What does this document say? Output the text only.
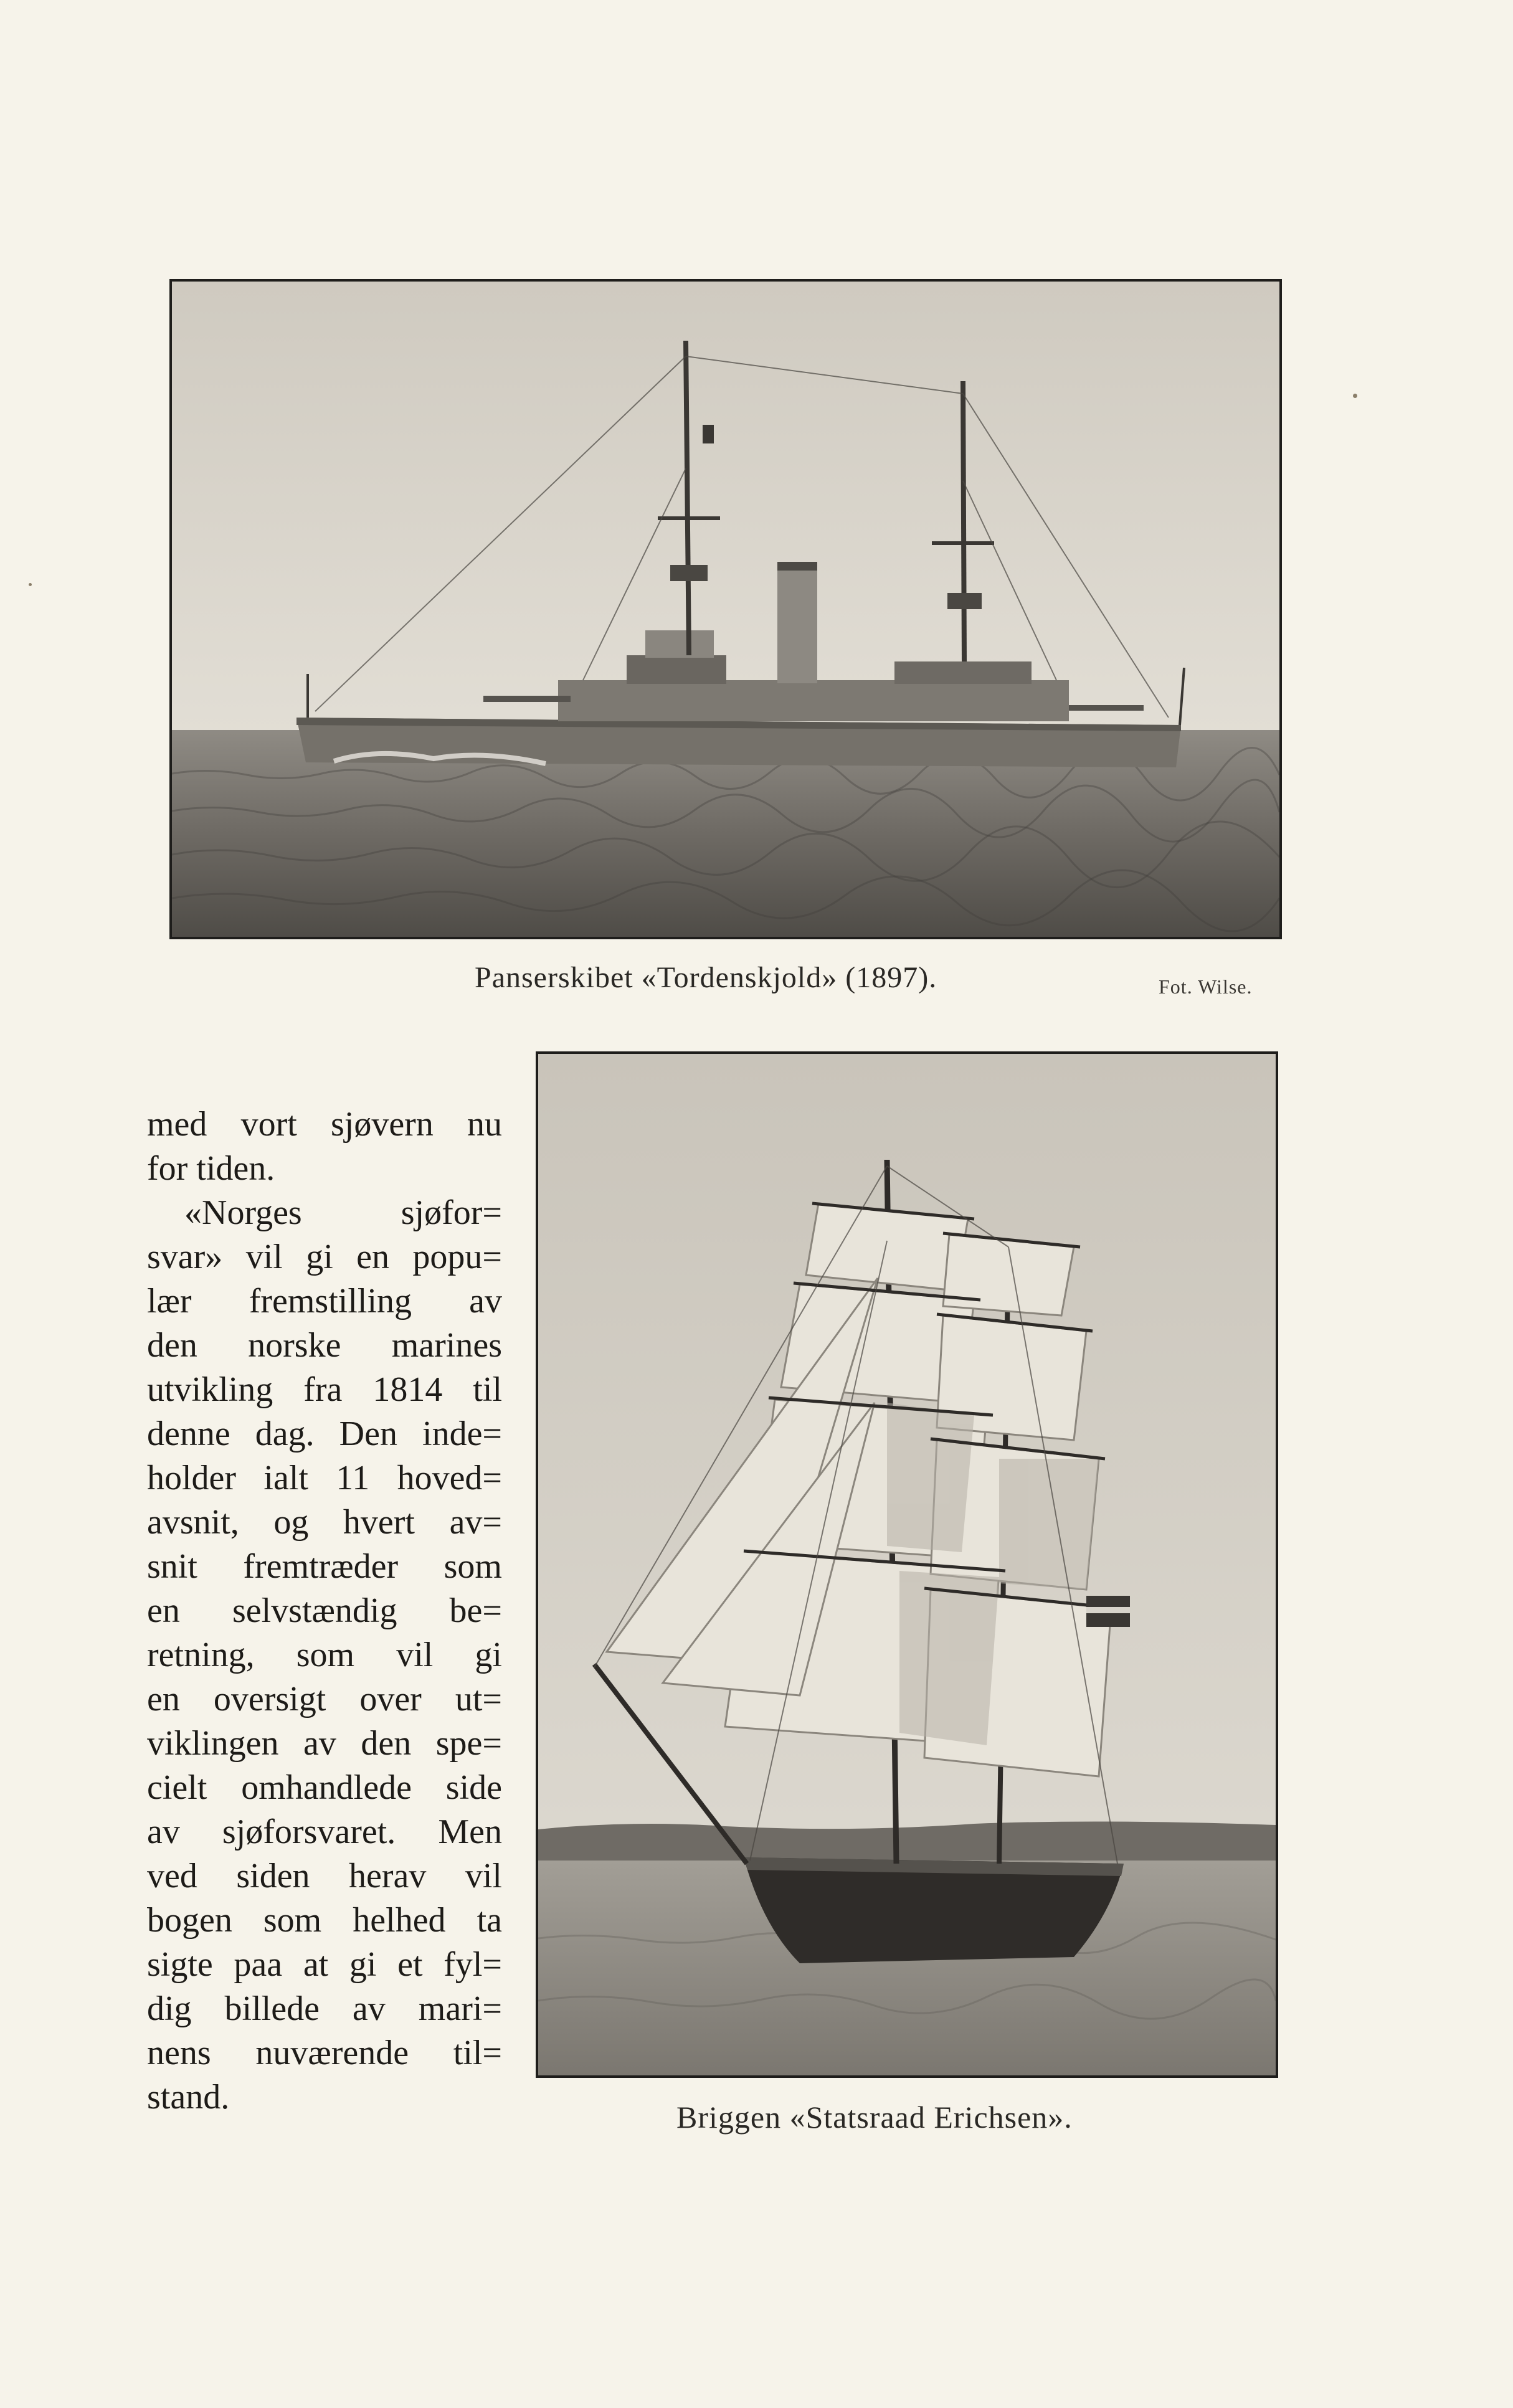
Panserskibet «Tordenskjold» (1897).	Fot. Wilse.
med vort sjøvern nu
for tiden.
«Norges sjøfor=
svar» vil gi en popu=
lær fremstilling av
den norske marines
utvikling fra 1814 til
denne dag. Den inde=
holder ialt 11 hoved=
avsnit, og hvert av=
snit fremtræder som
en selvstændig be=
retning, som vil gi
en oversigt over ut=
viklingen av den spe=
cielt omhandlede side
av sjøforsvaret. Men
ved siden herav vil
bogen som helhed ta
sigte paa at gi et fyl=
dig billede av mari=
nens nuværende til=
stand.
Briggen «Statsraad Erichsen».
